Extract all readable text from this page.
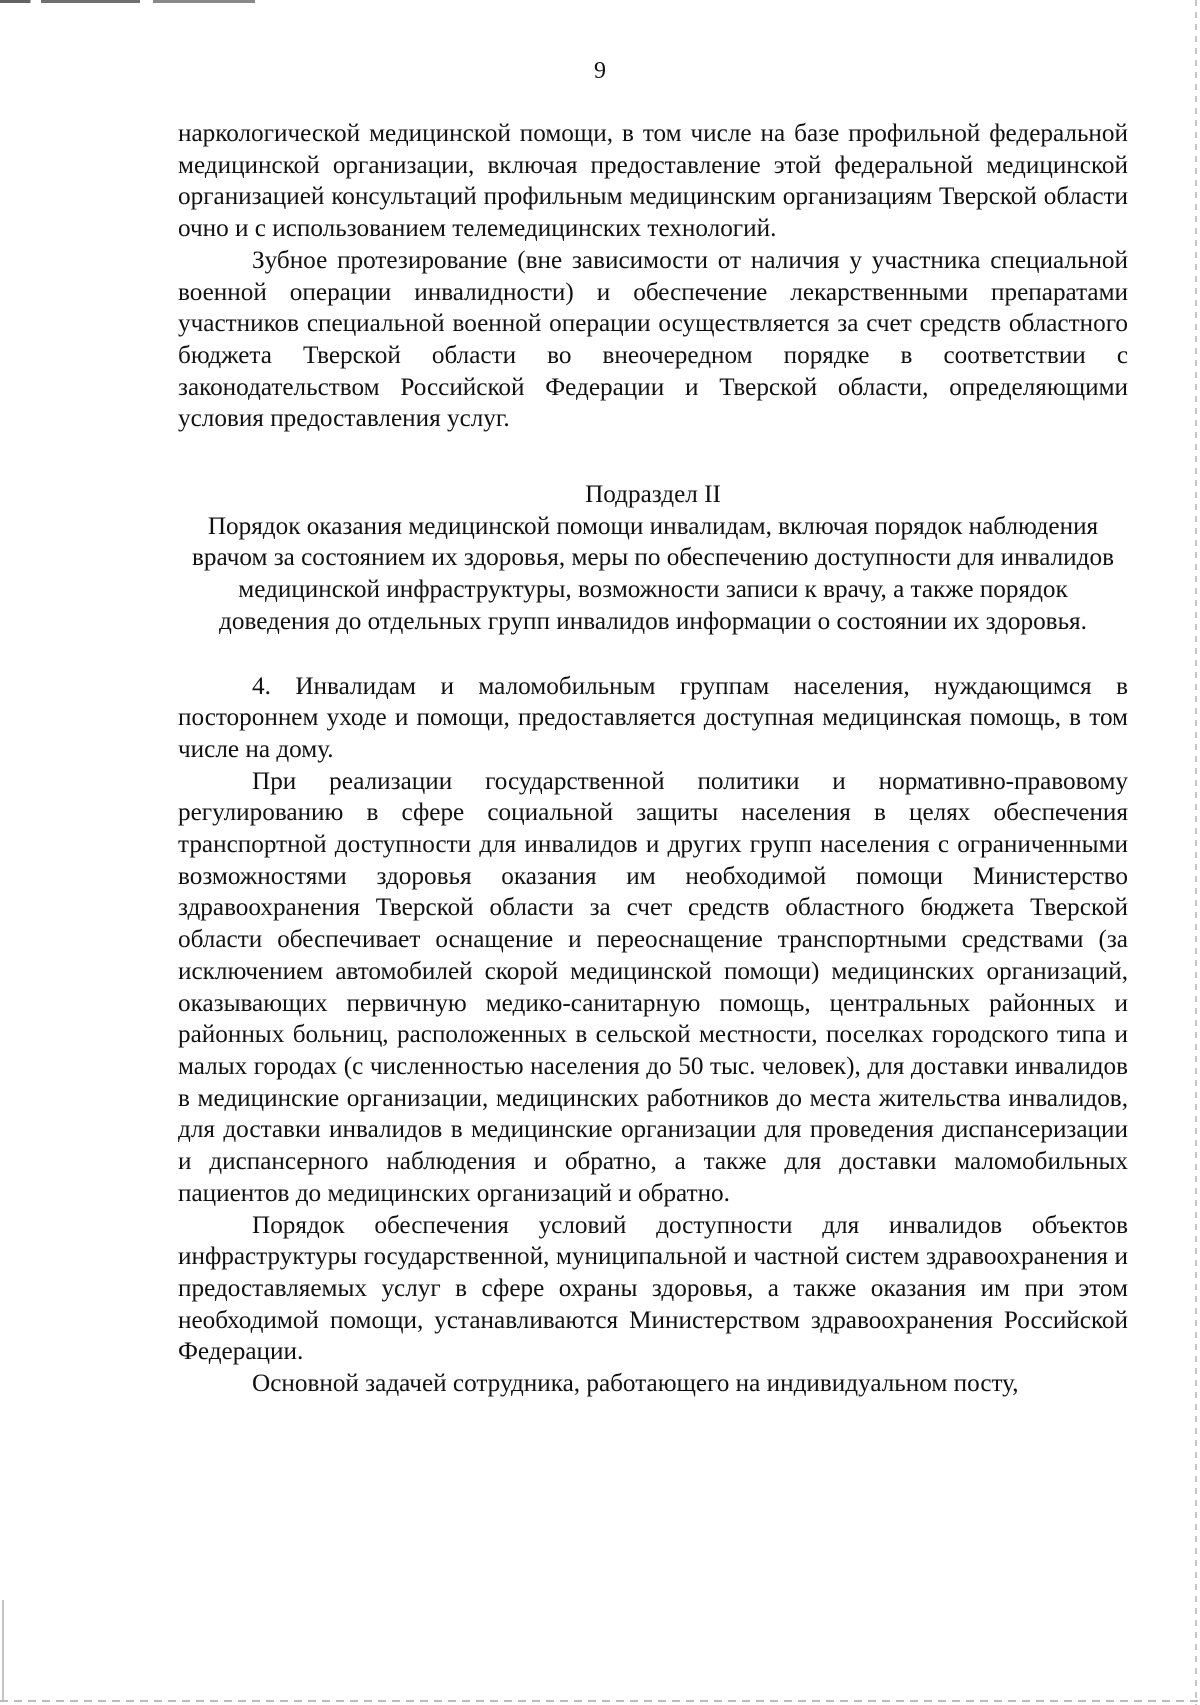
9

наркологической медицинской помощи, в том числе на базе профильной федеральной медицинской организации, включая предоставление этой федеральной медицинской организацией консультаций профильным медицинским организациям Тверской области очно и с использованием телемедицинских технологий.

Зубное протезирование (вне зависимости от наличия у участника специальной военной операции инвалидности) и обеспечение лекарственными препаратами участников специальной военной операции осуществляется за счет средств областного бюджета Тверской области во внеочередном порядке в соответствии с законодательством Российской Федерации и Тверской области, определяющими условия предоставления услуг.

Подраздел II
Порядок оказания медицинской помощи инвалидам, включая порядок наблюдения врачом за состоянием их здоровья, меры по обеспечению доступности для инвалидов медицинской инфраструктуры, возможности записи к врачу, а также порядок доведения до отдельных групп инвалидов информации о состоянии их здоровья.

4. Инвалидам и маломобильным группам населения, нуждающимся в постороннем уходе и помощи, предоставляется доступная медицинская помощь, в том числе на дому.

При реализации государственной политики и нормативно-правовому регулированию в сфере социальной защиты населения в целях обеспечения транспортной доступности для инвалидов и других групп населения с ограниченными возможностями здоровья оказания им необходимой помощи Министерство здравоохранения Тверской области за счет средств областного бюджета Тверской области обеспечивает оснащение и переоснащение транспортными средствами (за исключением автомобилей скорой медицинской помощи) медицинских организаций, оказывающих первичную медико-санитарную помощь, центральных районных и районных больниц, расположенных в сельской местности, поселках городского типа и малых городах (с численностью населения до 50 тыс. человек), для доставки инвалидов в медицинские организации, медицинских работников до места жительства инвалидов, для доставки инвалидов в медицинские организации для проведения диспансеризации и диспансерного наблюдения и обратно, а также для доставки маломобильных пациентов до медицинских организаций и обратно.

Порядок обеспечения условий доступности для инвалидов объектов инфраструктуры государственной, муниципальной и частной систем здравоохранения и предоставляемых услуг в сфере охраны здоровья, а также оказания им при этом необходимой помощи, устанавливаются Министерством здравоохранения Российской Федерации.

Основной задачей сотрудника, работающего на индивидуальном посту,
